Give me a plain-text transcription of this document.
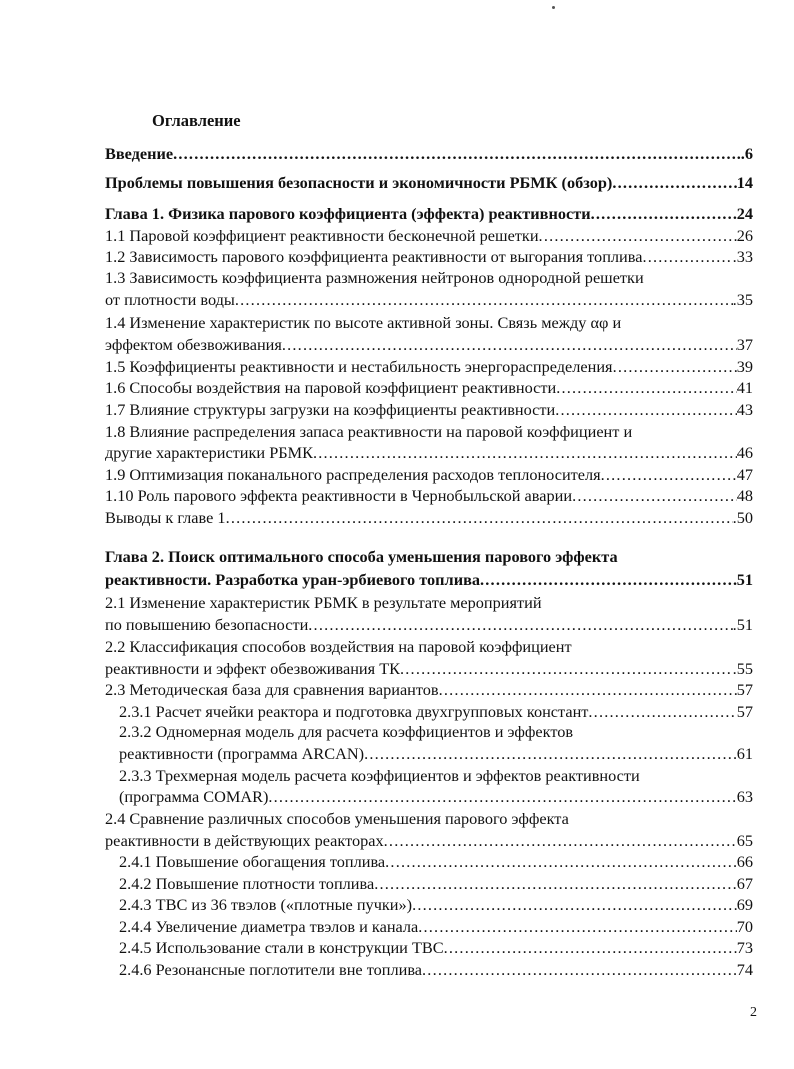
Оглавление
Введение .....	..6
Проблемы повышения безопасности и экономичности РБМК (обзор) .....	14
Глава 1. Физика парового коэффициента (эффекта) реактивности .....	24
1.1 Паровой коэффициент реактивности бесконечной решетки .....	26
1.2 Зависимость парового коэффициента реактивности от выгорания топлива .....	.33
1.3 Зависимость коэффициента размножения нейтронов однородной решетки
от плотности воды .....	.35
1.4 Изменение характеристик по высоте активной зоны. Связь между αφ и
эффектом обезвоживания .....	37
1.5 Коэффициенты реактивности и нестабильность энергораспределения .....	39
1.6 Способы воздействия на паровой коэффициент реактивности .....	41
1.7 Влияние структуры загрузки на коэффициенты реактивности .....	43
1.8 Влияние распределения запаса реактивности на паровой коэффициент и
другие характеристики РБМК .....	46
1.9 Оптимизация поканального распределения расходов теплоносителя .....	47
1.10 Роль парового эффекта реактивности в Чернобыльской аварии .....	48
Выводы к главе 1 .....	.50
Глава 2. Поиск оптимального способа уменьшения парового эффекта
реактивности. Разработка уран-эрбиевого топлива .....	51
2.1 Изменение характеристик РБМК в результате мероприятий
по повышению безопасности .....	.51
2.2 Классификация способов воздействия на паровой коэффициент
реактивности и эффект обезвоживания ТК .....	.55
2.3 Методическая база для сравнения вариантов .....	57
2.3.1 Расчет ячейки реактора и подготовка двухгрупповых констант .....	57
2.3.2 Одномерная модель для расчета коэффициентов и эффектов
реактивности (программа ARCAN) .....	61
2.3.3 Трехмерная модель расчета коэффициентов и эффектов реактивности
(программа COMAR) .....	63
2.4 Сравнение различных способов уменьшения парового эффекта
реактивности в действующих реакторах .....	65
2.4.1 Повышение обогащения топлива .....	66
2.4.2 Повышение плотности топлива .....	67
2.4.3 ТВС из 36 твэлов («плотные пучки») .....	69
2.4.4 Увеличение диаметра твэлов и канала .....	70
2.4.5 Использование стали в конструкции ТВС .....	73
2.4.6 Резонансные поглотители вне топлива .....	74
2
